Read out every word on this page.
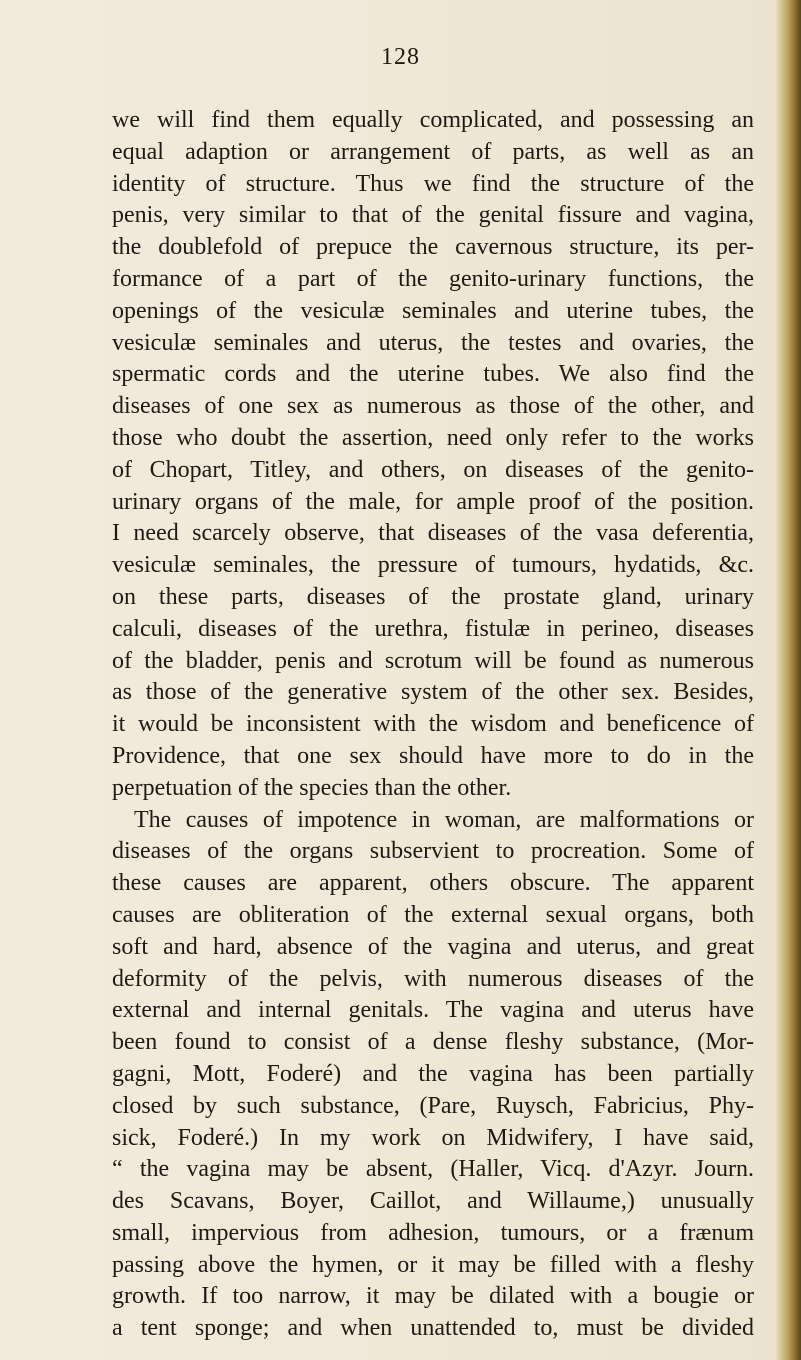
128
we will find them equally complicated, and possessing an
equal adaption or arrangement of parts, as well as an
identity of structure. Thus we find the structure of the
penis, very similar to that of the genital fissure and vagina,
the doublefold of prepuce the cavernous structure, its per-
formance of a part of the genito-urinary functions, the
openings of the vesiculæ seminales and uterine tubes, the
vesiculæ seminales and uterus, the testes and ovaries, the
spermatic cords and the uterine tubes. We also find the
diseases of one sex as numerous as those of the other, and
those who doubt the assertion, need only refer to the works
of Chopart, Titley, and others, on diseases of the genito-
urinary organs of the male, for ample proof of the position.
I need scarcely observe, that diseases of the vasa deferentia,
vesiculæ seminales, the pressure of tumours, hydatids, &c.
on these parts, diseases of the prostate gland, urinary
calculi, diseases of the urethra, fistulæ in perineo, diseases
of the bladder, penis and scrotum will be found as numerous
as those of the generative system of the other sex. Besides,
it would be inconsistent with the wisdom and beneficence of
Providence, that one sex should have more to do in the
perpetuation of the species than the other.
The causes of impotence in woman, are malformations or
diseases of the organs subservient to procreation. Some of
these causes are apparent, others obscure. The apparent
causes are obliteration of the external sexual organs, both
soft and hard, absence of the vagina and uterus, and great
deformity of the pelvis, with numerous diseases of the
external and internal genitals. The vagina and uterus have
been found to consist of a dense fleshy substance, (Mor-
gagni, Mott, Foderé) and the vagina has been partially
closed by such substance, (Pare, Ruysch, Fabricius, Phy-
sick, Foderé.) In my work on Midwifery, I have said,
“ the vagina may be absent, (Haller, Vicq. d'Azyr. Journ.
des Scavans, Boyer, Caillot, and Willaume,) unusually
small, impervious from adhesion, tumours, or a frænum
passing above the hymen, or it may be filled with a fleshy
growth. If too narrow, it may be dilated with a bougie or
a tent sponge; and when unattended to, must be divided
